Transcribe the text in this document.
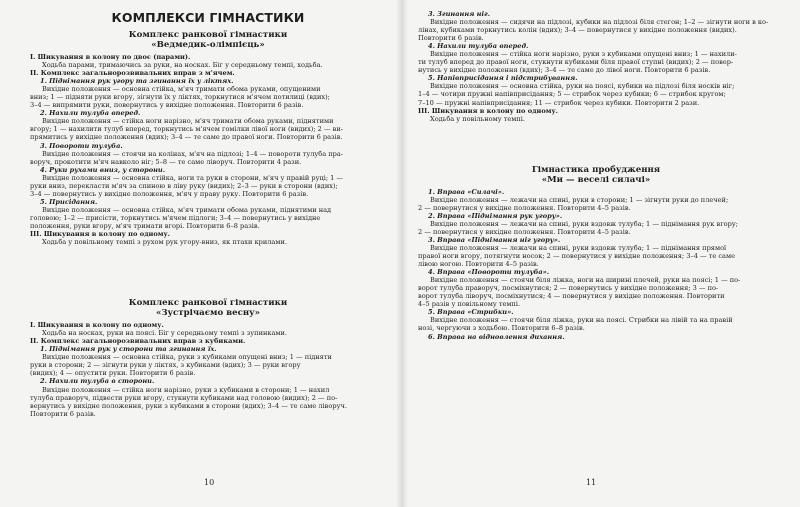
КОМПЛЕКСИ ГІМНАСТИКИ
Комплекс ранкової гімнастики
«Ведмедик-олімпієць»

I. Шикування в колону по двоє (парами).

Ходьба парами, тримаючись за руки, на носках. Біг у середньому темпі, ходьба.

II. Комплекс загальнорозвивальних вправ з м'ячем.

1. Піднімання рук угору та згинання їх у ліктях.

Вихідне положення — основна стійка, м'яч тримати обома руками, опущеними

вниз; 1 — підняти руки вгору, зігнути їх у ліктях, торкнутися м'ячем потилиці (вдих);

3–4 — випрямити руки, повернутись у вихідне положення. Повторити 6 разів.

2. Нахили тулуба вперед.

Вихідне положення — стійка ноги нарізно, м'яч тримати обома руками, піднятими

вгору; 1 — нахилити тулуб вперед, торкнутись м'ячем гомілки лівої ноги (видих); 2 — ви-

прямитись у вихідне положення (вдих); 3–4 — те саме до правої ноги. Повторити 6 разів.

3. Повороти тулуба.

Вихідне положення — стоячи на колінах, м'яч на підлозі; 1–4 — повороти тулуба пра-

воруч, прокотити м'яч навколо ніг; 5–8 — те саме ліворуч. Повторити 4 рази.

4. Руки рухами вниз, у сторони.

Вихідне положення — основна стійка, ноги та руки в сторони, м'яч у правій руці; 1 —

руки вниз, перекласти м'яч за спиною в ліву руку (видих); 2–3 — руки в сторони (вдих);

3–4 — повернутись у вихідне положення, м'яч у праву руку. Повторити 6 разів.

5. Присідання.

Вихідне положення — основна стійка, м'яч тримати обома руками, піднятими над

головою; 1–2 — присісти, торкнутись м'ячем підлоги; 3–4 — повернутись у вихідне

положення, руки вгору, м'яч тримати вгорі. Повторити 6–8 разів.

III. Шикування в колону по одному.

Ходьба у повільному темпі з рухом рук угору-вниз, як птахи крилами.

Комплекс ранкової гімнастики
«Зустрічаємо весну»

I. Шикування в колону по одному.

Ходьба на носках, руки на поясі. Біг у середньому темпі з зупинками.

II. Комплекс загальнорозвивальних вправ з кубиками.

1. Піднімання рук у сторони та згинання їх.

Вихідне положення — основна стійка, руки з кубиками опущені вниз; 1 — підняти

руки в сторони; 2 — зігнути руки у ліктях, з кубиками (вдих); 3 — руки вгору

(видих); 4 — опустити руки. Повторити 6 разів.

2. Нахили тулуба в сторони.

Вихідне положення — стійка ноги нарізно, руки з кубиками в сторони; 1 — нахил

тулуба праворуч, підвести руки вгору, стукнути кубиками над головою (видих); 2 — по-

вернутись у вихідне положення, руки з кубиками в сторони (вдих); 3–4 — те саме ліворуч.

Повторити 6 разів.

10

3. Згинання ніг.

Вихідне положення — сидячи на підлозі, кубики на підлозі біля стегон; 1–2 — зігнути ноги в ко-

лінах, кубиками торкнутись колін (вдих); 3–4 — повернутися у вихідне положення (видих).

Повторити 6 разів.

4. Нахили тулуба вперед.

Вихідне положення — стійка ноги нарізно, руки з кубиками опущені вниз; 1 — нахили-

ти тулуб вперед до правої ноги, стукнути кубиками біля правої ступні (видих); 2 — повер-

нутись у вихідне положення (вдих); 3–4 — те саме до лівої ноги. Повторити 6 разів.

5. Напівприсідання і підстрибування.

Вихідне положення — основна стійка, руки на поясі, кубики на підлозі біля носків ніг;

1–4 — чотири пружні напівприсідання; 5 — стрибок через кубики; 6 — стрибок кругом;

7–10 — пружні напівприсідання; 11 — стрибок через кубики. Повторити 2 рази.

III. Шикування в колону по одному.

Ходьба у повільному темпі.

Гімнастика пробудження
«Ми — веселі силачі»

1. Вправа «Силачі».

Вихідне положення — лежачи на спині, руки в сторони; 1 — зігнути руки до плечей;

2 — повернутися у вихідне положення. Повторити 4–5 разів.

2. Вправа «Піднімання рук угору».

Вихідне положення — лежачи на спині, руки вздовж тулуба; 1 — піднімання рук вгору;

2 — повернутися у вихідне положення. Повторити 4–5 разів.

3. Вправа «Піднімання ніг угору».

Вихідне положення — лежачи на спині, руки вздовж тулуба; 1 — піднімання прямої

правої ноги вгору, потягнути носок; 2 — повернутися у вихідне положення; 3–4 — те саме

лівою ногою. Повторити 4–5 разів.

4. Вправа «Повороти тулуба».

Вихідне положення — стоячи біля ліжка, ноги на ширині плечей, руки на поясі; 1 — по-

ворот тулуба праворуч, посміхнутися; 2 — повернутись у вихідне положення; 3 — по-

ворот тулуба ліворуч, посміхнутися; 4 — повернутися у вихідне положення. Повторити

4–5 разів у повільному темпі.

5. Вправа «Стрибки».

Вихідне положення — стоячи біля ліжка, руки на поясі. Стрибки на лівій та на правій

нозі, чергуючи з ходьбою. Повторити 6–8 разів.

6. Вправа на відновлення дихання.

11
